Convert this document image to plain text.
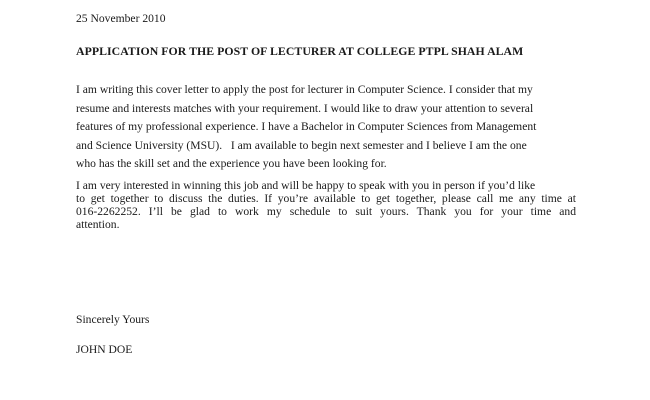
25 November 2010

APPLICATION FOR THE POST OF LECTURER AT COLLEGE PTPL SHAH ALAM

I am writing this cover letter to apply the post for lecturer in Computer Science. I consider that my
resume and interests matches with your requirement. I would like to draw your attention to several
features of my professional experience. I have a Bachelor in Computer Sciences from Management
and Science University (MSU).   I am available to begin next semester and I believe I am the one
who has the skill set and the experience you have been looking for.

I am very interested in winning this job and will be happy to speak with you in person if you’d like
to get together to discuss the duties. If you’re available to get together, please call me any time at
016-2262252. I’ll be glad to work my schedule to suit yours. Thank you for your time and
attention.

Sincerely Yours

JOHN DOE
